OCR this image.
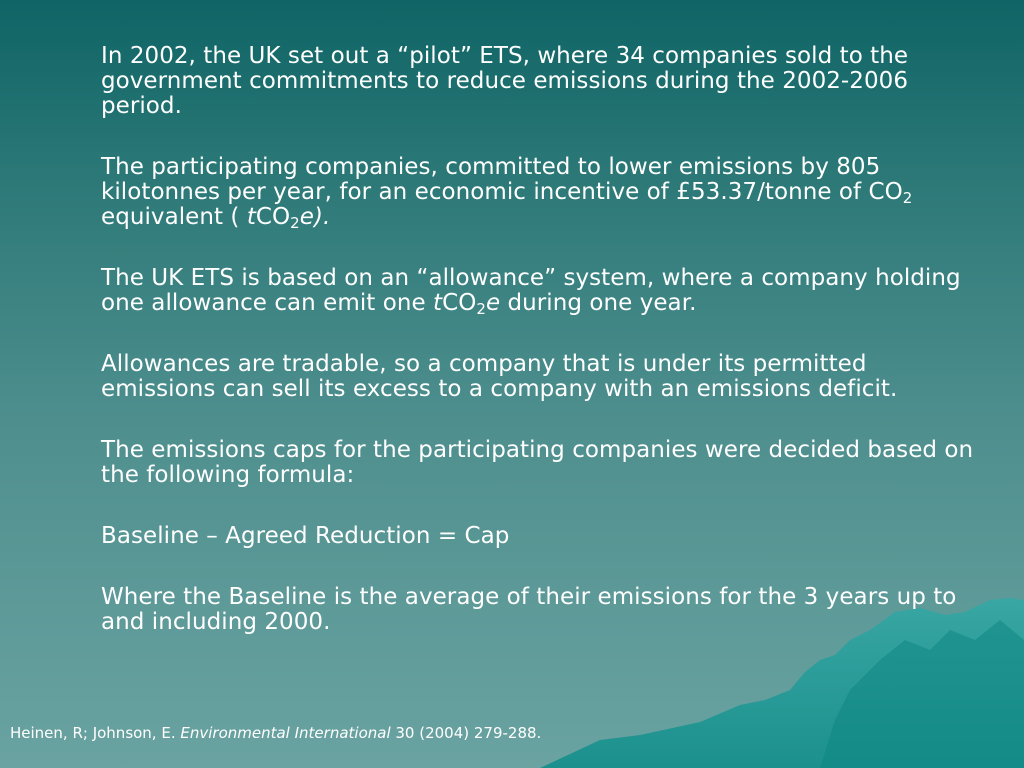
In 2002, the UK set out a “pilot” ETS, where 34 companies sold to the government commitments to reduce emissions during the 2002-2006 period.

The participating companies, committed to lower emissions by 805 kilotonnes per year, for an economic incentive of £53.37/tonne of $CO_2$ equivalent ( tCO$_2$e).

The UK ETS is based on an “allowance” system, where a company holding one allowance can emit one tCO$_2$e during one year.

Allowances are tradable, so a company that is under its permitted emissions can sell its excess to a company with an emissions deficit.

The emissions caps for the participating companies were decided based on the following formula:

Baseline – Agreed Reduction = Cap

Where the Baseline is the average of their emissions for the 3 years up to and including 2000.

Heinen, R; Johnson, E. Environmental International 30 (2004) 279-288.
